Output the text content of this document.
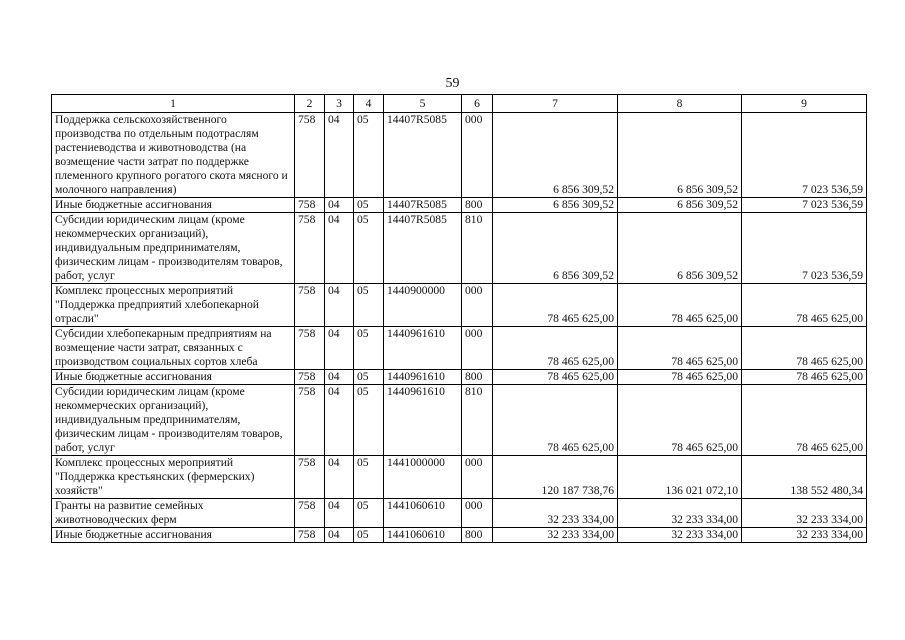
59
1	2	3	4	5	6	7	8	9
Поддержка сельскохозяйственного производства по отдельным подотраслям растениеводства и животноводства (на возмещение части затрат по поддержке племенного крупного рогатого скота мясного и молочного направления)	758	04	05	14407R5085	000	6 856 309,52	6 856 309,52	7 023 536,59
Иные бюджетные ассигнования	758	04	05	14407R5085	800	6 856 309,52	6 856 309,52	7 023 536,59
Субсидии юридическим лицам (кроме некоммерческих организаций), индивидуальным предпринимателям, физическим лицам - производителям товаров, работ, услуг	758	04	05	14407R5085	810	6 856 309,52	6 856 309,52	7 023 536,59
Комплекс процессных мероприятий "Поддержка предприятий хлебопекарной отрасли"	758	04	05	1440900000	000	78 465 625,00	78 465 625,00	78 465 625,00
Субсидии хлебопекарным предприятиям на возмещение части затрат, связанных с производством социальных сортов хлеба	758	04	05	1440961610	000	78 465 625,00	78 465 625,00	78 465 625,00
Иные бюджетные ассигнования	758	04	05	1440961610	800	78 465 625,00	78 465 625,00	78 465 625,00
Субсидии юридическим лицам (кроме некоммерческих организаций), индивидуальным предпринимателям, физическим лицам - производителям товаров, работ, услуг	758	04	05	1440961610	810	78 465 625,00	78 465 625,00	78 465 625,00
Комплекс процессных мероприятий "Поддержка крестьянских (фермерских) хозяйств"	758	04	05	1441000000	000	120 187 738,76	136 021 072,10	138 552 480,34
Гранты на развитие семейных животноводческих ферм	758	04	05	1441060610	000	32 233 334,00	32 233 334,00	32 233 334,00
Иные бюджетные ассигнования	758	04	05	1441060610	800	32 233 334,00	32 233 334,00	32 233 334,00
